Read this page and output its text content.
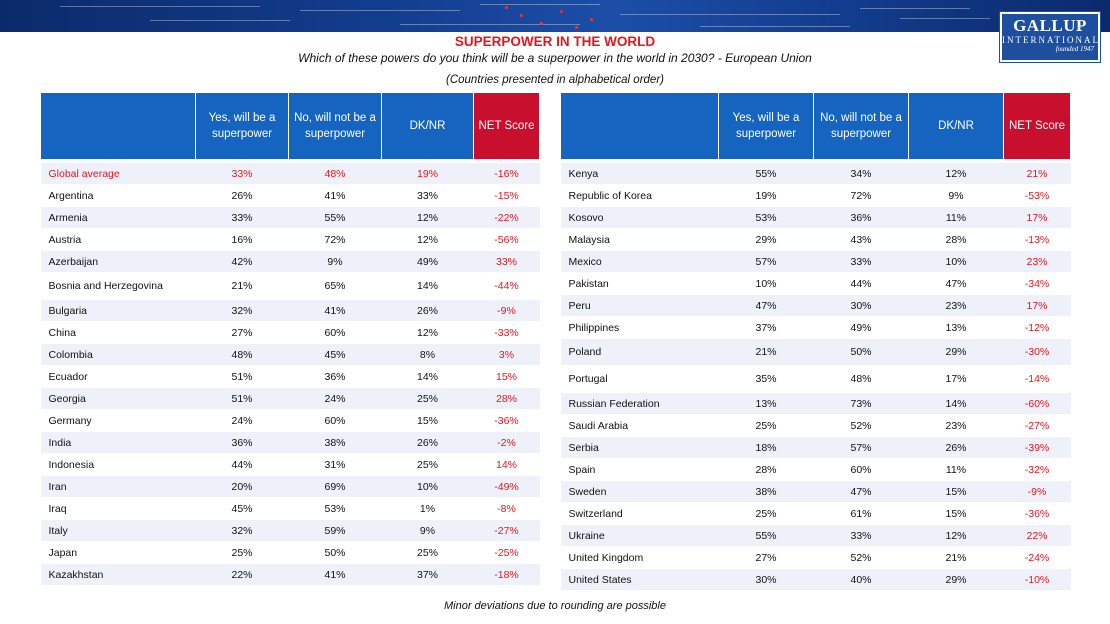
GALLUP
INTERNATIONAL
founded 1947
SUPERPOWER IN THE WORLD
Which of these powers do you think will be a superpower in the world in 2030? - European Union
(Countries presented in alphabetical order)
	Yes, will be a superpower	No, will not be a superpower	DK/NR	NET Score
Global average	33%	48%	19%	-16%
Argentina	26%	41%	33%	-15%
Armenia	33%	55%	12%	-22%
Austria	16%	72%	12%	-56%
Azerbaijan	42%	9%	49%	33%
Bosnia and Herzegovina	21%	65%	14%	-44%
Bulgaria	32%	41%	26%	-9%
China	27%	60%	12%	-33%
Colombia	48%	45%	8%	3%
Ecuador	51%	36%	14%	15%
Georgia	51%	24%	25%	28%
Germany	24%	60%	15%	-36%
India	36%	38%	26%	-2%
Indonesia	44%	31%	25%	14%
Iran	20%	69%	10%	-49%
Iraq	45%	53%	1%	-8%
Italy	32%	59%	9%	-27%
Japan	25%	50%	25%	-25%
Kazakhstan	22%	41%	37%	-18%
	Yes, will be a superpower	No, will not be a superpower	DK/NR	NET Score
Kenya	55%	34%	12%	21%
Republic of Korea	19%	72%	9%	-53%
Kosovo	53%	36%	11%	17%
Malaysia	29%	43%	28%	-13%
Mexico	57%	33%	10%	23%
Pakistan	10%	44%	47%	-34%
Peru	47%	30%	23%	17%
Philippines	37%	49%	13%	-12%
Poland	21%	50%	29%	-30%
Portugal	35%	48%	17%	-14%
Russian Federation	13%	73%	14%	-60%
Saudi Arabia	25%	52%	23%	-27%
Serbia	18%	57%	26%	-39%
Spain	28%	60%	11%	-32%
Sweden	38%	47%	15%	-9%
Switzerland	25%	61%	15%	-36%
Ukraine	55%	33%	12%	22%
United Kingdom	27%	52%	21%	-24%
United States	30%	40%	29%	-10%
Minor deviations due to rounding are possible
